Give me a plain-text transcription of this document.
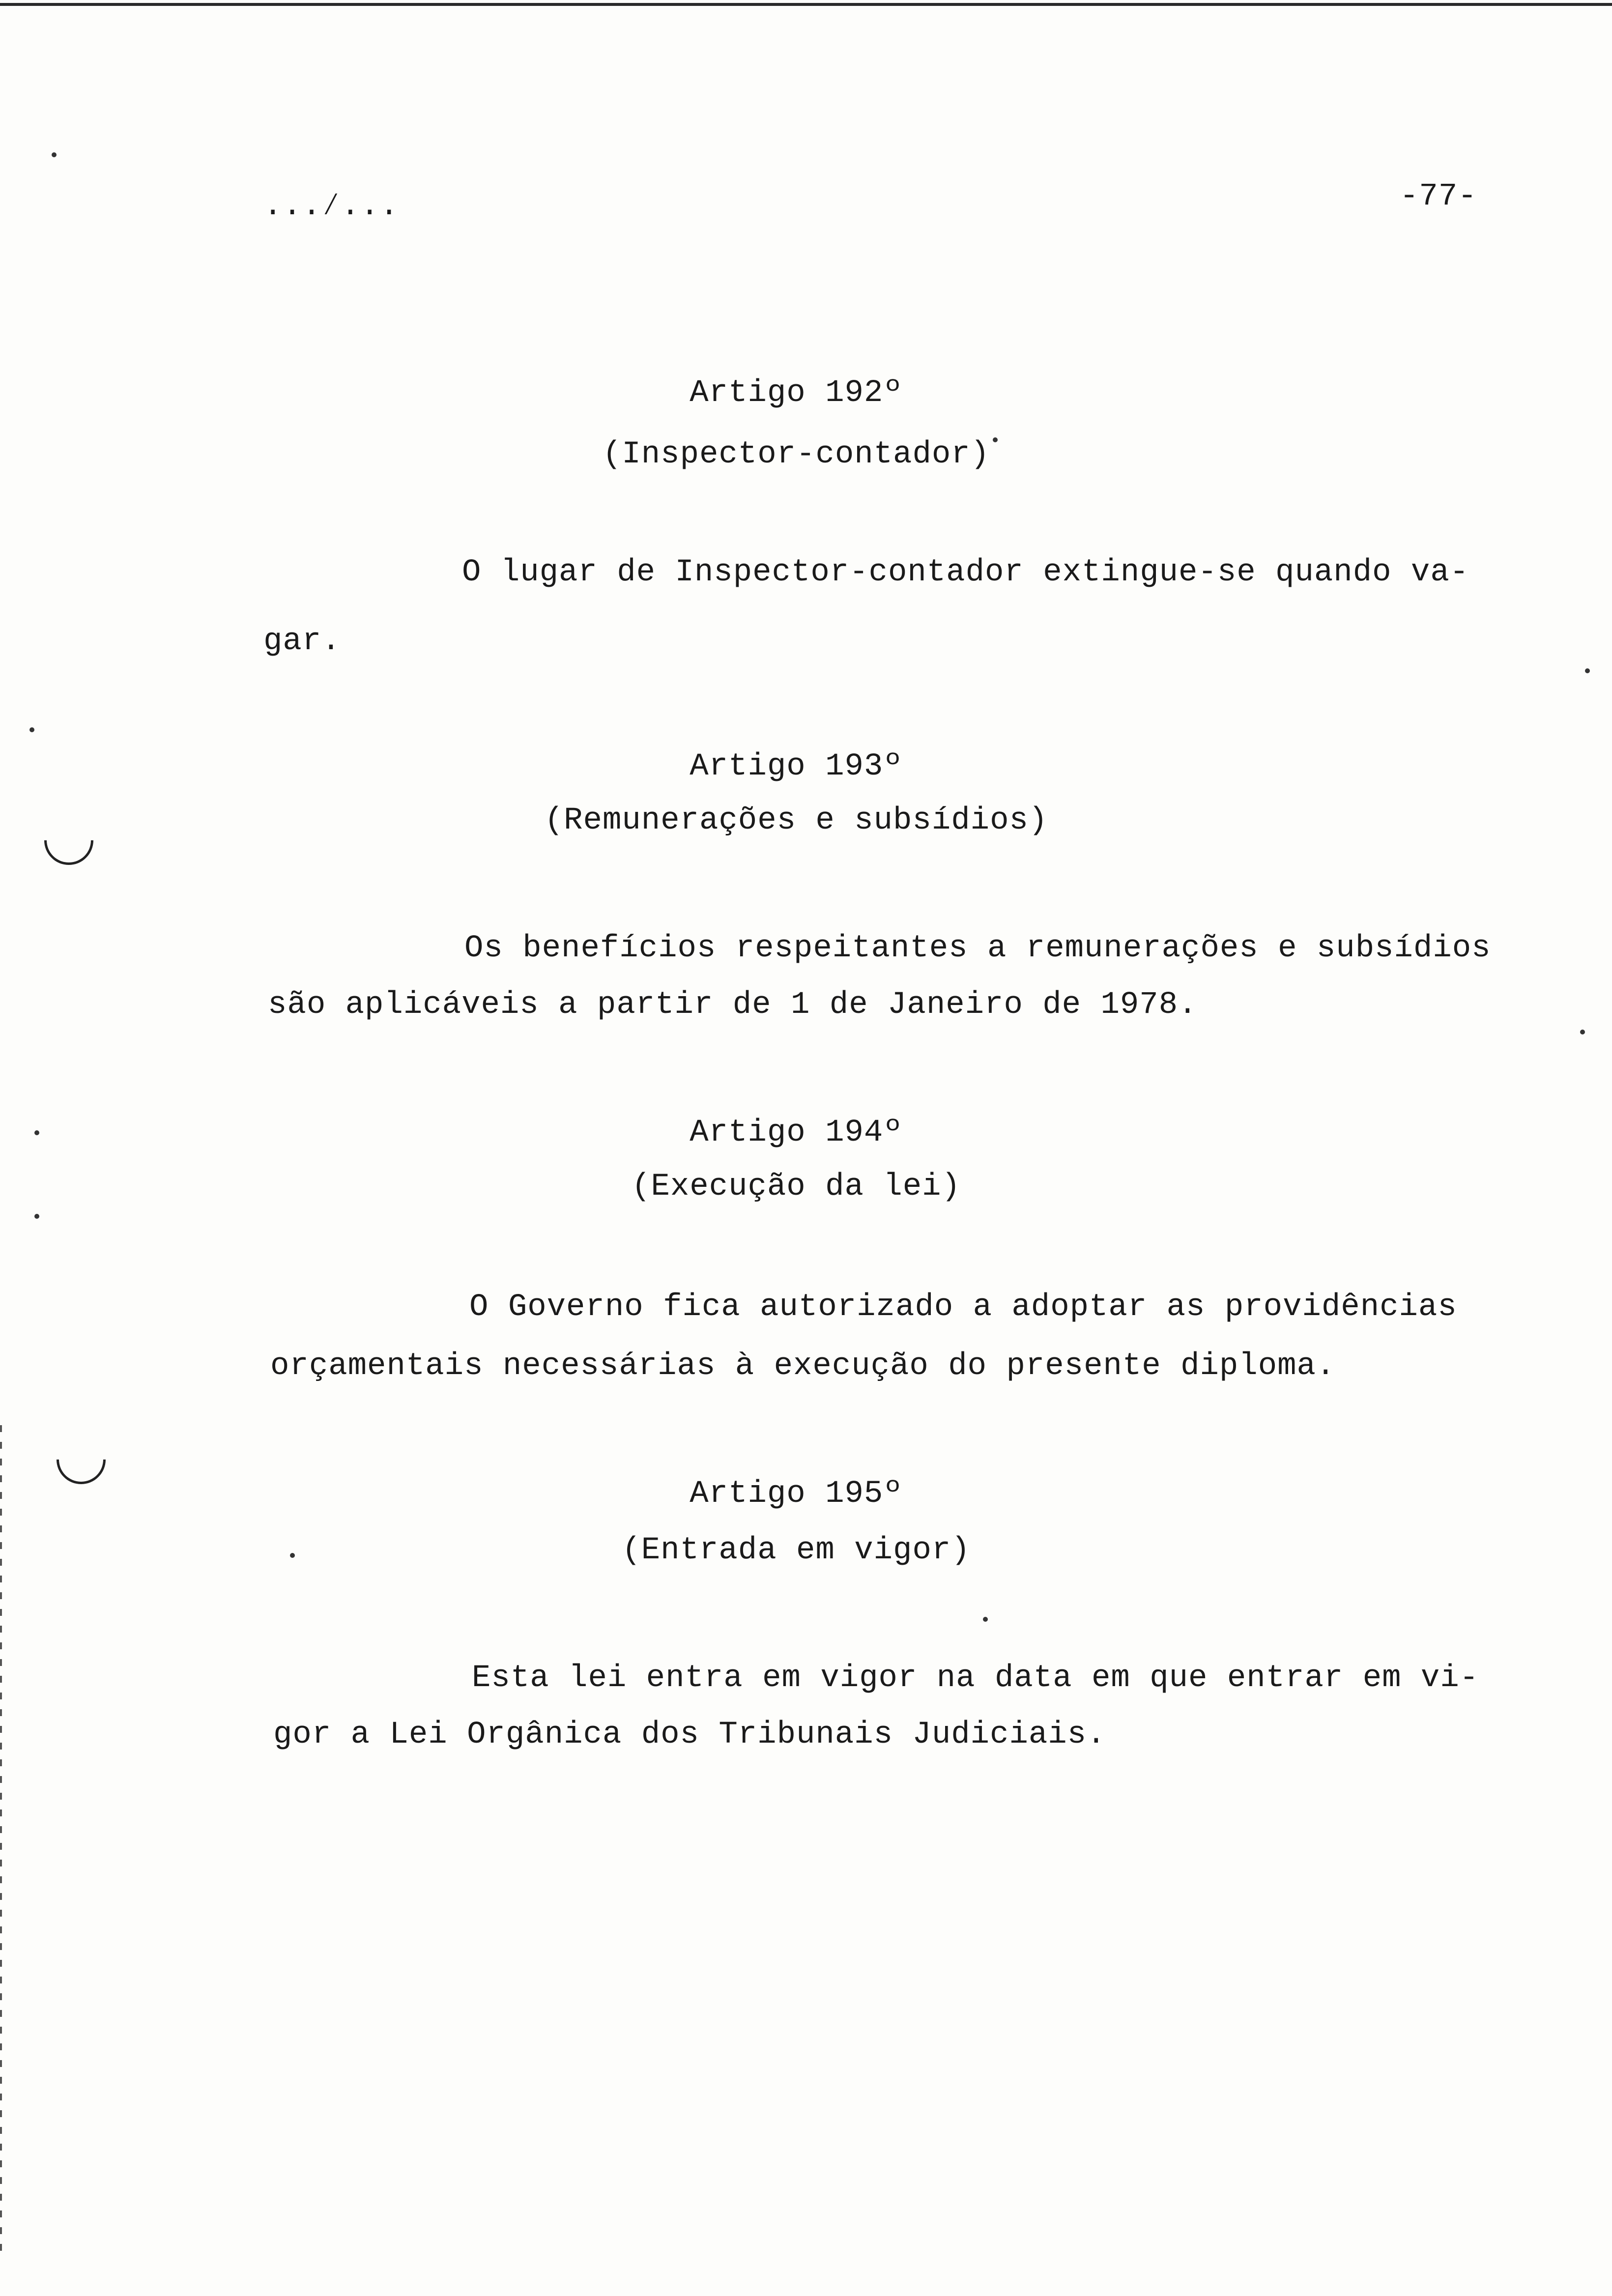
...⁄...	-77-
Artigo 192º
(Inspector-contador)
O lugar de Inspector-contador extingue-se quando va-
gar.
Artigo 193º
(Remunerações e subsídios)
Os benefícios respeitantes a remunerações e subsídios
são aplicáveis a partir de 1 de Janeiro de 1978.
Artigo 194º
(Execução da lei)
O Governo fica autorizado a adoptar as providências
orçamentais necessárias à execução do presente diploma.
Artigo 195º
(Entrada em vigor)
Esta lei entra em vigor na data em que entrar em vi-
gor a Lei Orgânica dos Tribunais Judiciais.
